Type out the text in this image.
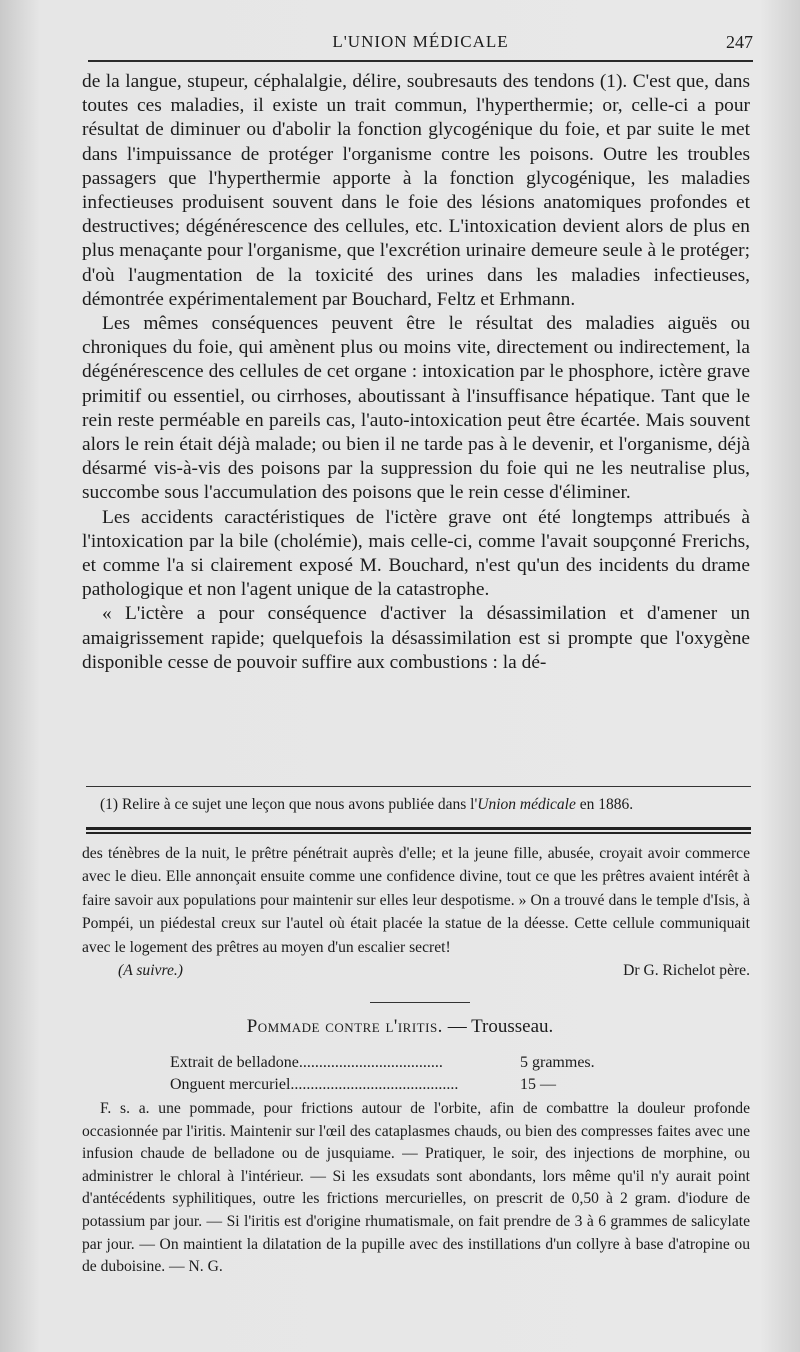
L'UNION MÉDICALE	247

de la langue, stupeur, céphalalgie, délire, soubresauts des tendons (1). C'est que, dans toutes ces maladies, il existe un trait commun, l'hyperthermie; or, celle-ci a pour résultat de diminuer ou d'abolir la fonction glycogénique du foie, et par suite le met dans l'impuissance de protéger l'organisme contre les poisons. Outre les troubles passagers que l'hyperthermie apporte à la fonction glycogénique, les maladies infectieuses produisent souvent dans le foie des lésions anatomiques profondes et destructives; dégénérescence des cellules, etc. L'intoxication devient alors de plus en plus menaçante pour l'organisme, que l'excrétion urinaire demeure seule à le protéger; d'où l'augmentation de la toxicité des urines dans les maladies infectieuses, démontrée expérimentalement par Bouchard, Feltz et Erhmann.

Les mêmes conséquences peuvent être le résultat des maladies aiguës ou chroniques du foie, qui amènent plus ou moins vite, directement ou indirectement, la dégénérescence des cellules de cet organe : intoxication par le phosphore, ictère grave primitif ou essentiel, ou cirrhoses, aboutissant à l'insuffisance hépatique. Tant que le rein reste perméable en pareils cas, l'auto-intoxication peut être écartée. Mais souvent alors le rein était déjà malade; ou bien il ne tarde pas à le devenir, et l'organisme, déjà désarmé vis-à-vis des poisons par la suppression du foie qui ne les neutralise plus, succombe sous l'accumulation des poisons que le rein cesse d'éliminer.

Les accidents caractéristiques de l'ictère grave ont été longtemps attribués à l'intoxication par la bile (cholémie), mais celle-ci, comme l'avait soupçonné Frerichs, et comme l'a si clairement exposé M. Bouchard, n'est qu'un des incidents du drame pathologique et non l'agent unique de la catastrophe.

« L'ictère a pour conséquence d'activer la désassimilation et d'amener un amaigrissement rapide; quelquefois la désassimilation est si prompte que l'oxygène disponible cesse de pouvoir suffire aux combustions : la dé-

(1) Relire à ce sujet une leçon que nous avons publiée dans l'Union médicale en 1886.

des ténèbres de la nuit, le prêtre pénétrait auprès d'elle; et la jeune fille, abusée, croyait avoir commerce avec le dieu. Elle annonçait ensuite comme une confidence divine, tout ce que les prêtres avaient intérêt à faire savoir aux populations pour maintenir sur elles leur despotisme. » On a trouvé dans le temple d'Isis, à Pompéi, un piédestal creux sur l'autel où était placée la statue de la déesse. Cette cellule communiquait avec le logement des prêtres au moyen d'un escalier secret!

(A suivre.)	Dr G. Richelot père.
Pommade contre l'iritis. — Trousseau.
Extrait de belladone ....................................	5 grammes.
Onguent mercuriel ..........................................	15 —

F. s. a. une pommade, pour frictions autour de l'orbite, afin de combattre la douleur profonde occasionnée par l'iritis. Maintenir sur l'œil des cataplasmes chauds, ou bien des compresses faites avec une infusion chaude de belladone ou de jusquiame. — Pratiquer, le soir, des injections de morphine, ou administrer le chloral à l'intérieur. — Si les exsudats sont abondants, lors même qu'il n'y aurait point d'antécédents syphilitiques, outre les frictions mercurielles, on prescrit de 0,50 à 2 gram. d'iodure de potassium par jour. — Si l'iritis est d'origine rhumatismale, on fait prendre de 3 à 6 grammes de salicylate par jour. — On maintient la dilatation de la pupille avec des instillations d'un collyre à base d'atropine ou de duboisine. — N. G.
